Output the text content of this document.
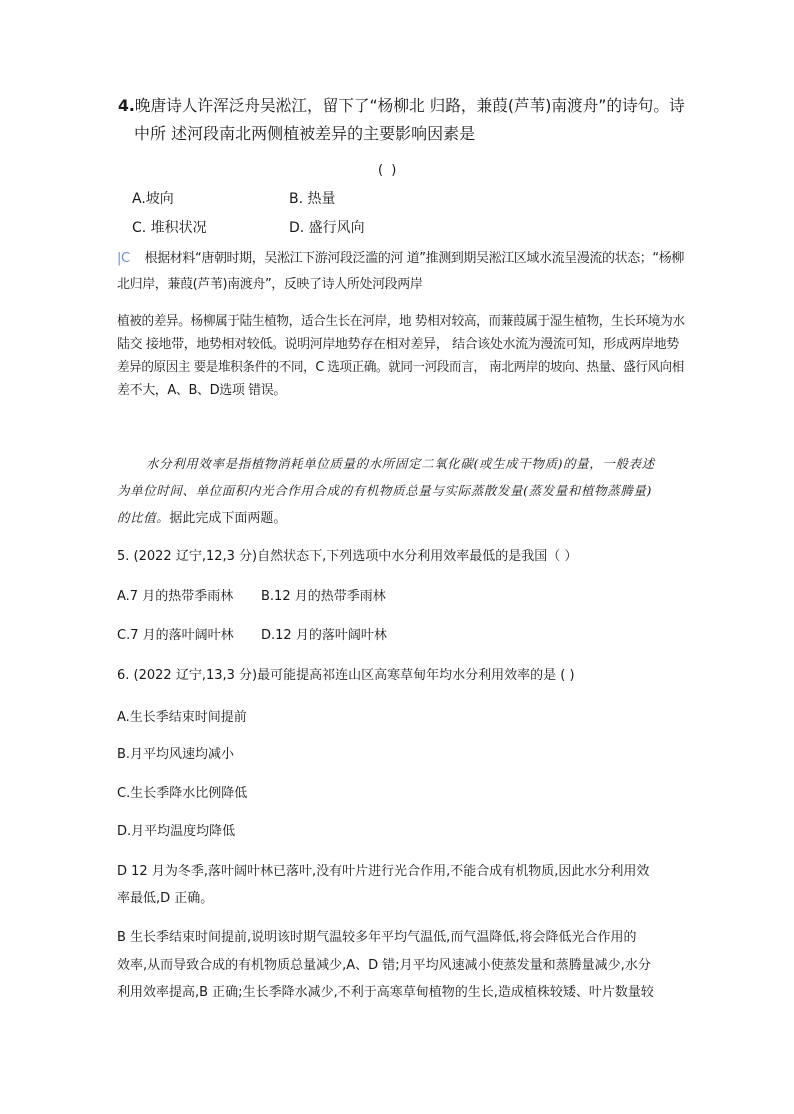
4.晚唐诗人许浑泛舟吴淞江，留下了“杨柳北 归路，兼葭(芦苇)南渡舟”的诗句。诗
中所 述河段南北两侧植被差异的主要影响因素是
( )
A.坡向	B. 热量
C. 堆积状况	D. 盛行风向
|C 根据材料“唐朝时期，吴淞江下游河段泛滥的河 道”推测到期吴淞江区域水流呈漫流的状态；“杨柳
北归岸，蒹葭(芦苇)南渡舟”，反映了诗人所处河段两岸
植被的差异。杨柳属于陆生植物，适合生长在河岸，地 势相对较高，而蒹葭属于湿生植物，生长环境为水
陆交 接地带，地势相对较低。说明河岸地势存在相对差异， 结合该处水流为漫流可知，形成两岸地势
差异的原因主 要是堆积条件的不同，C 选项正确。就同一河段而言， 南北两岸的坡向、热量、盛行风向相
差不大，A、B、D选项 错误。
水分利用效率是指植物消耗单位质量的水所固定二氧化碳(或生成干物质)的量，一般表述
为单位时间、单位面积内光合作用合成的有机物质总量与实际蒸散发量(蒸发量和植物蒸腾量)
的比值。据此完成下面两题。
5. (2022 辽宁,12,3 分)自然状态下,下列选项中水分利用效率最低的是我国（ ）
A.7 月的热带季雨林 B.12 月的热带季雨林
C.7 月的落叶阔叶林 D.12 月的落叶阔叶林
6. (2022 辽宁,13,3 分)最可能提高祁连山区高寒草甸年均水分利用效率的是 ( )
A.生长季结束时间提前
B.月平均风速均减小
C.生长季降水比例降低
D.月平均温度均降低
D 12 月为冬季,落叶阔叶林已落叶,没有叶片进行光合作用,不能合成有机物质,因此水分利用效
率最低,D 正确。
B 生长季结束时间提前,说明该时期气温较多年平均气温低,而气温降低,将会降低光合作用的
效率,从而导致合成的有机物质总量减少,A、D 错;月平均风速减小使蒸发量和蒸腾量减少,水分
利用效率提高,B 正确;生长季降水减少,不利于高寒草甸植物的生长,造成植株较矮、叶片数量较
